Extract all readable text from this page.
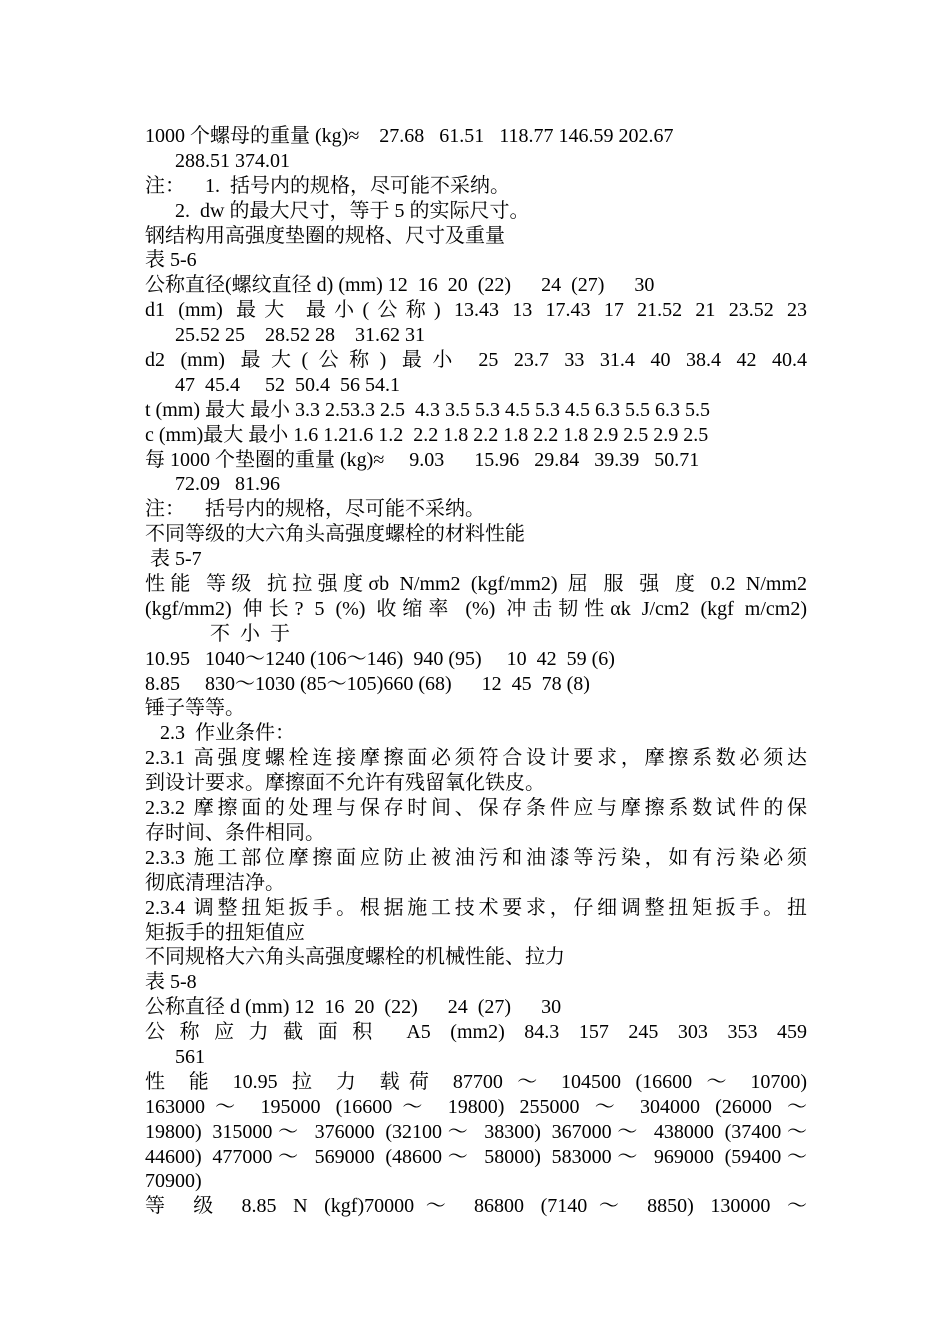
1000 个螺母的重量 (kg)≈    27.68   61.51   118.77 146.59 202.67
288.51 374.01
注：    1.  括号内的规格，尽可能不采纳。
2.  dw 的最大尺寸，等于 5 的实际尺寸。
钢结构用高强度垫圈的规格、尺寸及重量
表 5-6
公称直径(螺纹直径 d) (mm) 12  16  20  (22)      24  (27)      30
d1 (mm) 最大 最小(公称) 13.43 13 17.43 17 21.52 21 23.52 23
25.52 25    28.52 28    31.62 31
d2 (mm) 最大(公称) 最小 25 23.7 33 31.4 40 38.4 42 40.4
47  45.4     52  50.4  56 54.1
t (mm) 最大 最小 3.3 2.53.3 2.5  4.3 3.5 5.3 4.5 5.3 4.5 6.3 5.5 6.3 5.5
c (mm)最大 最小 1.6 1.21.6 1.2  2.2 1.8 2.2 1.8 2.2 1.8 2.9 2.5 2.9 2.5
每 1000 个垫圈的重量 (kg)≈     9.03      15.96   29.84   39.39   50.71
72.09   81.96
注：    括号内的规格，尽可能不采纳。
不同等级的大六角头高强度螺栓的材料性能
表 5-7
性能 等级 抗拉强度σb N/mm2 (kgf/mm2) 屈 服 强 度 0.2 N/mm2
(kgf/mm2) 伸长? 5 (%) 收缩率 (%) 冲击韧性αk J/cm2 (kgf m/cm2)
不  小  于
10.95   1040～1240 (106～146)  940 (95)     10  42  59 (6)
8.85     830～1030 (85～105)660 (68)      12  45  78 (8)
锤子等等。
2.3  作业条件：
2.3.1 高强度螺栓连接摩擦面必须符合设计要求，摩擦系数必须达
到设计要求。摩擦面不允许有残留氧化铁皮。
2.3.2 摩擦面的处理与保存时间、保存条件应与摩擦系数试件的保
存时间、条件相同。
2.3.3 施工部位摩擦面应防止被油污和油漆等污染，如有污染必须
彻底清理洁净。
2.3.4 调整扭矩扳手。根据施工技术要求，仔细调整扭矩扳手。扭
矩扳手的扭矩值应
不同规格大六角头高强度螺栓的机械性能、拉力
表 5-8
公称直径 d (mm) 12  16  20  (22)      24  (27)      30
公称应力截面积 A5 (mm2) 84.3 157 245 303 353 459
561
性 能 10.95 拉 力 载荷 87700 ～ 104500 (16600 ～ 10700)
163000～ 195000 (16600～ 19800) 255000 ～ 304000 (26000 ～
19800) 315000～ 376000 (32100～ 38300) 367000～ 438000 (37400～
44600) 477000～ 569000 (48600～ 58000) 583000～ 969000 (59400～
70900)
等 级 8.85 N (kgf)70000～ 86800 (7140～ 8850) 130000 ～
